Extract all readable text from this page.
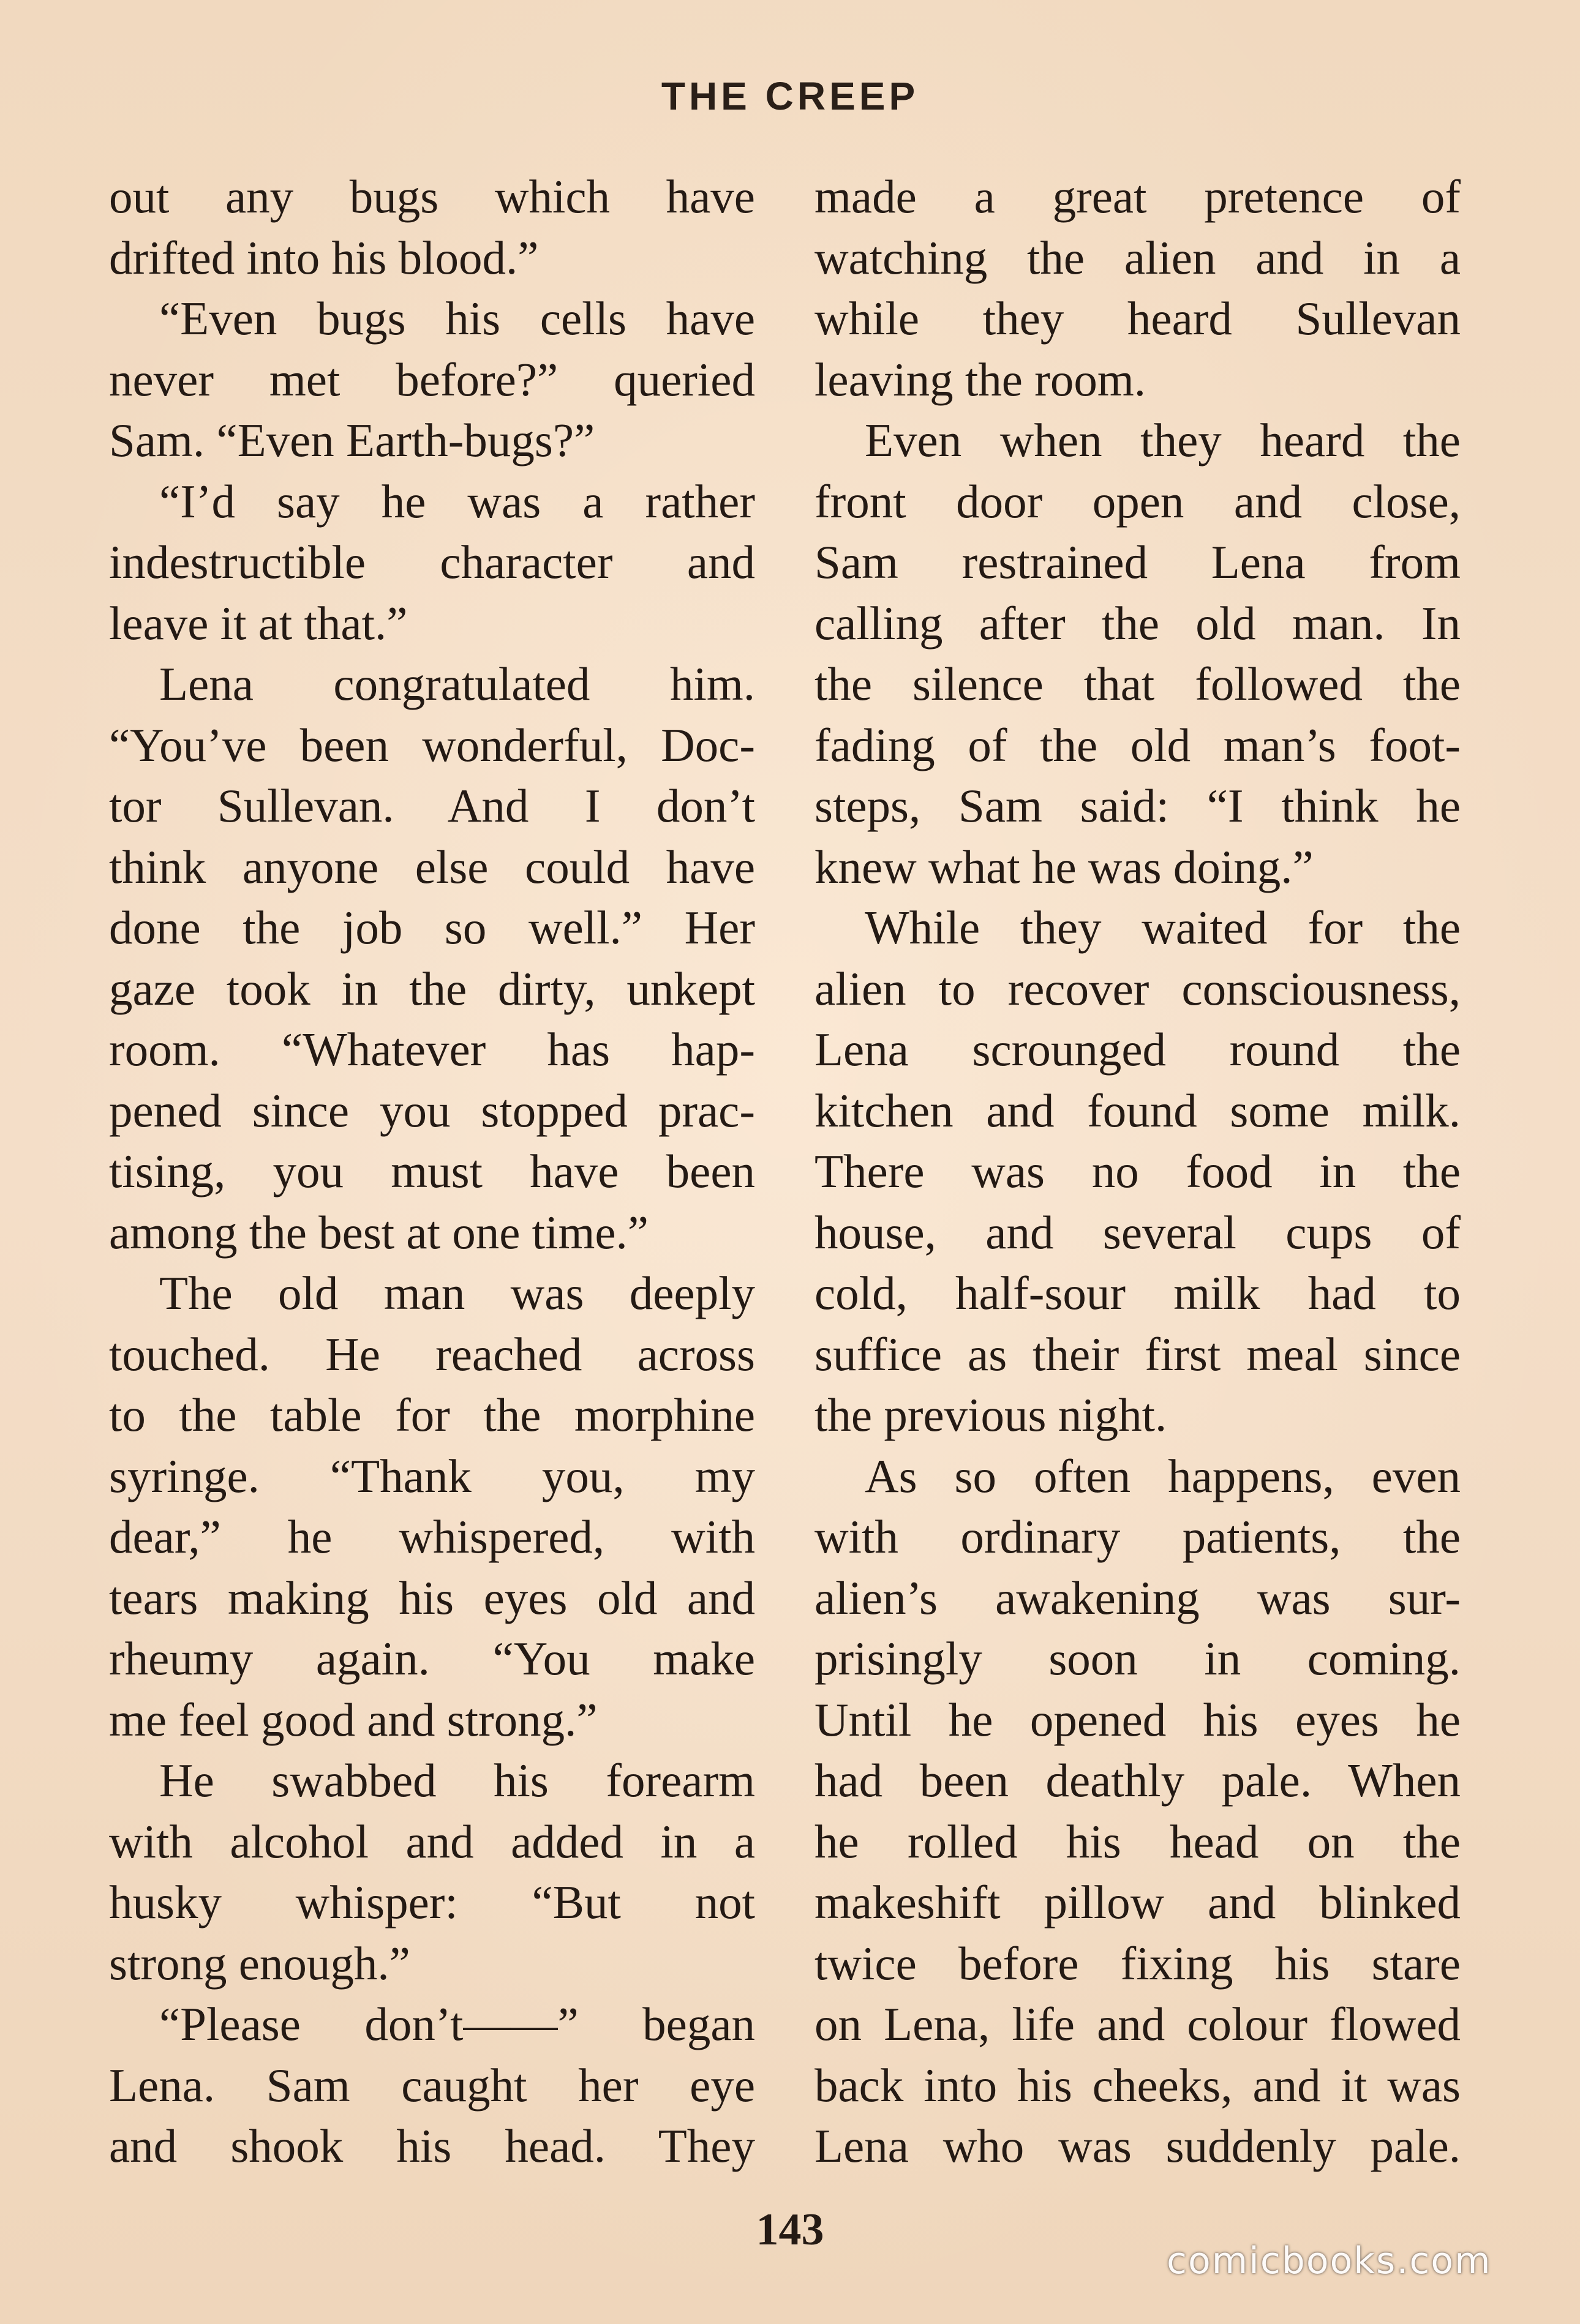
THE CREEP
out any bugs which have
drifted into his blood.”
“Even bugs his cells have
never met before?” queried
Sam. “Even Earth-bugs?”
“I’d say he was a rather
indestructible character and
leave it at that.”
Lena congratulated him.
“You’ve been wonderful, Doc-
tor Sullevan. And I don’t
think anyone else could have
done the job so well.” Her
gaze took in the dirty, unkept
room. “Whatever has hap-
pened since you stopped prac-
tising, you must have been
among the best at one time.”
The old man was deeply
touched. He reached across
to the table for the morphine
syringe. “Thank you, my
dear,” he whispered, with
tears making his eyes old and
rheumy again. “You make
me feel good and strong.”
He swabbed his forearm
with alcohol and added in a
husky whisper: “But not
strong enough.”
“Please don’t——” began
Lena. Sam caught her eye
and shook his head. They
made a great pretence of
watching the alien and in a
while they heard Sullevan
leaving the room.
Even when they heard the
front door open and close,
Sam restrained Lena from
calling after the old man. In
the silence that followed the
fading of the old man’s foot-
steps, Sam said: “I think he
knew what he was doing.”
While they waited for the
alien to recover consciousness,
Lena scrounged round the
kitchen and found some milk.
There was no food in the
house, and several cups of
cold, half-sour milk had to
suffice as their first meal since
the previous night.
As so often happens, even
with ordinary patients, the
alien’s awakening was sur-
prisingly soon in coming.
Until he opened his eyes he
had been deathly pale. When
he rolled his head on the
makeshift pillow and blinked
twice before fixing his stare
on Lena, life and colour flowed
back into his cheeks, and it was
Lena who was suddenly pale.
143
comicbooks.com
